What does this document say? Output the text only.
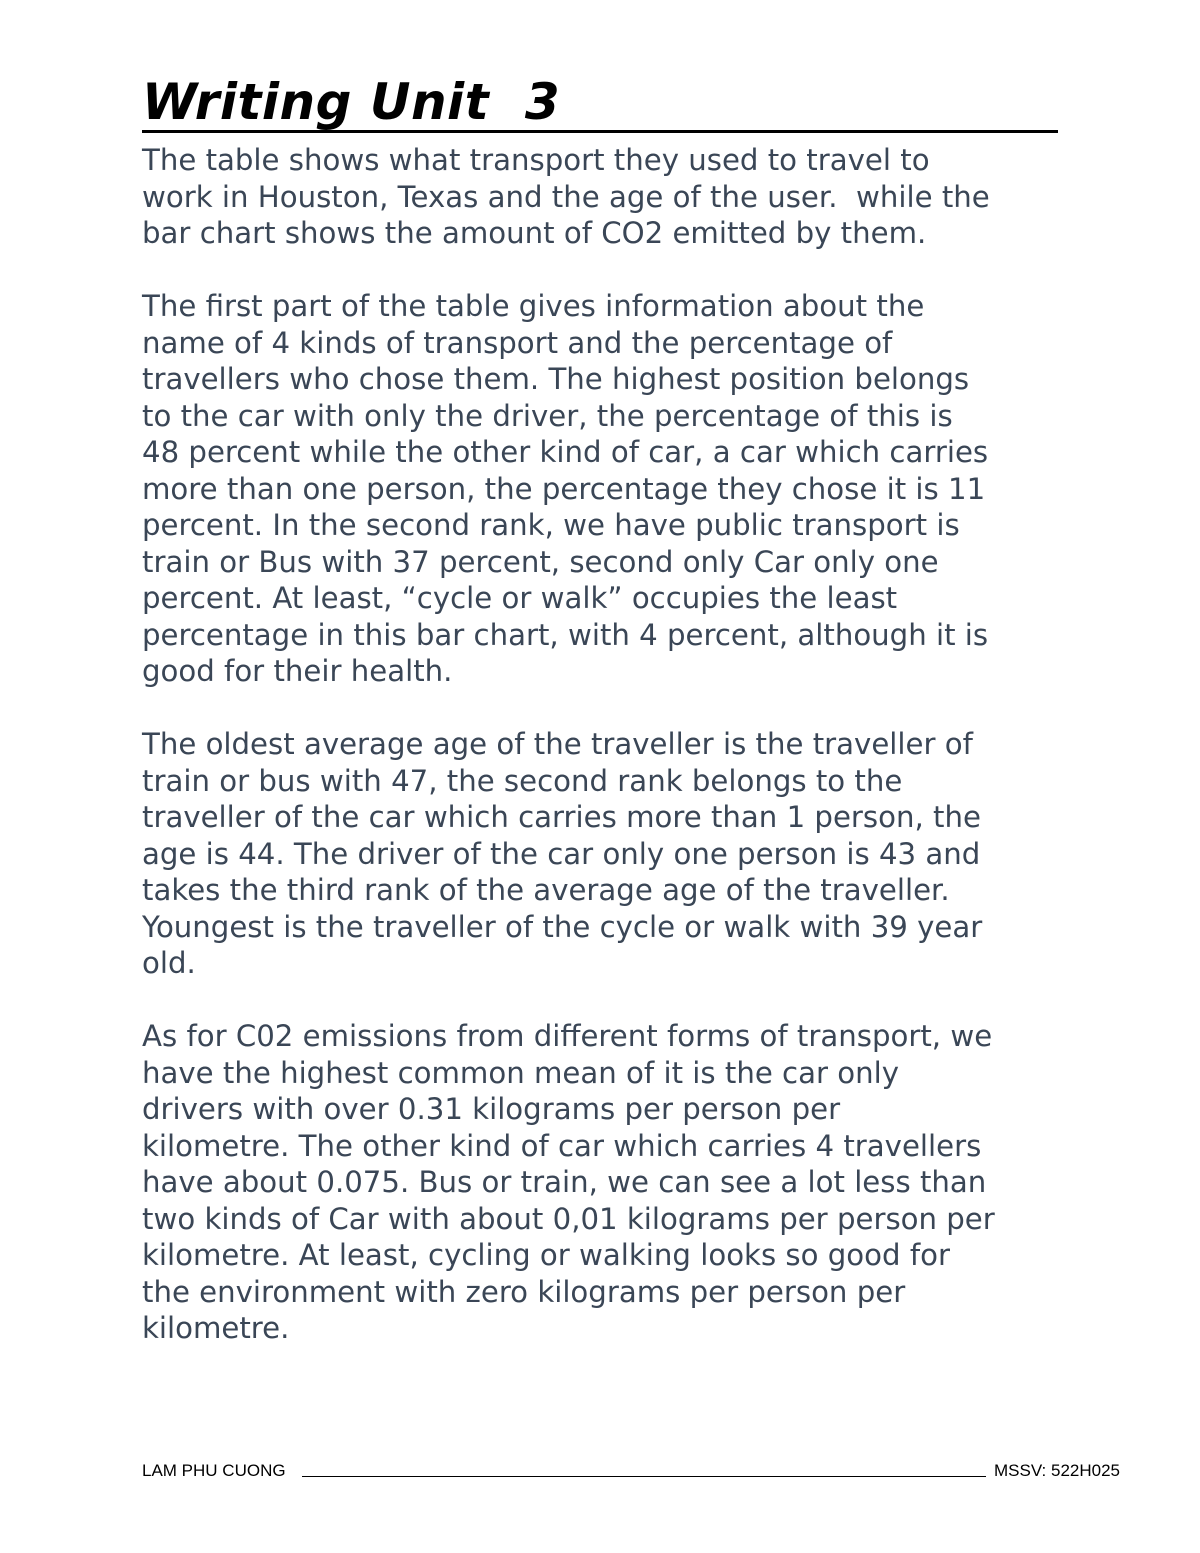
Writing Unit  3
The table shows what transport they used to travel to
work in Houston, Texas and the age of the user.  while the
bar chart shows the amount of CO2 emitted by them.
The first part of the table gives information about the
name of 4 kinds of transport and the percentage of
travellers who chose them. The highest position belongs
to the car with only the driver, the percentage of this is
48 percent while the other kind of car, a car which carries
more than one person, the percentage they chose it is 11
percent. In the second rank, we have public transport is
train or Bus with 37 percent, second only Car only one
percent. At least, “cycle or walk” occupies the least
percentage in this bar chart, with 4 percent, although it is
good for their health.
The oldest average age of the traveller is the traveller of
train or bus with 47, the second rank belongs to the
traveller of the car which carries more than 1 person, the
age is 44. The driver of the car only one person is 43 and
takes the third rank of the average age of the traveller.
Youngest is the traveller of the cycle or walk with 39 year
old.
As for C02 emissions from different forms of transport, we
have the highest common mean of it is the car only
drivers with over 0.31 kilograms per person per
kilometre. The other kind of car which carries 4 travellers
have about 0.075. Bus or train, we can see a lot less than
two kinds of Car with about 0,01 kilograms per person per
kilometre. At least, cycling or walking looks so good for
the environment with zero kilograms per person per
kilometre.
LAM PHU CUONG	MSSV: 522H025
